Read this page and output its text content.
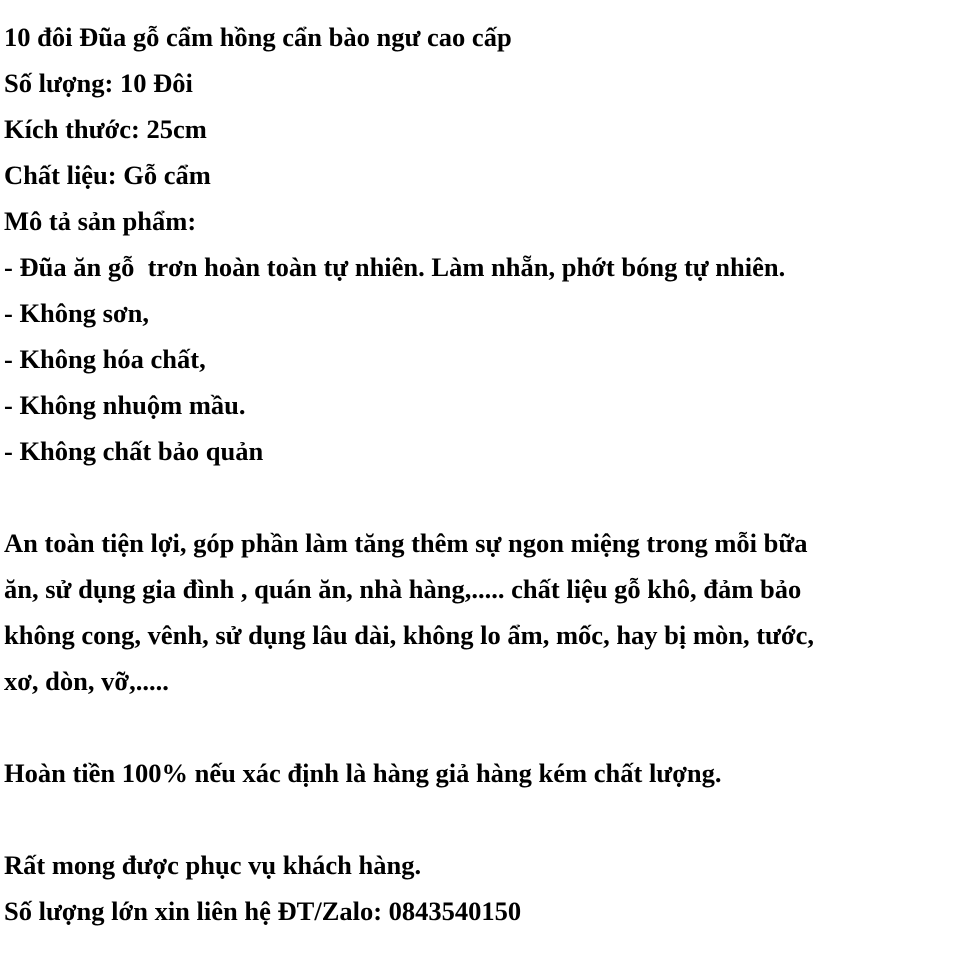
10 đôi Đũa gỗ cẩm hồng cẩn bào ngư cao cấp
Số lượng: 10 Đôi
Kích thước: 25cm
Chất liệu: Gỗ cẩm
Mô tả sản phẩm:
- Đũa ăn gỗ  trơn hoàn toàn tự nhiên. Làm nhẵn, phớt bóng tự nhiên.
- Không sơn,
- Không hóa chất,
- Không nhuộm mầu.
- Không chất bảo quản
An toàn tiện lợi, góp phần làm tăng thêm sự ngon miệng trong mỗi bữa
ăn, sử dụng gia đình , quán ăn, nhà hàng,..... chất liệu gỗ khô, đảm bảo
không cong, vênh, sử dụng lâu dài, không lo ẩm, mốc, hay bị mòn, tước,
xơ, dòn, vỡ,.....
Hoàn tiền 100% nếu xác định là hàng giả hàng kém chất lượng.
Rất mong được phục vụ khách hàng.
Số lượng lớn xin liên hệ ĐT/Zalo: 0843540150
